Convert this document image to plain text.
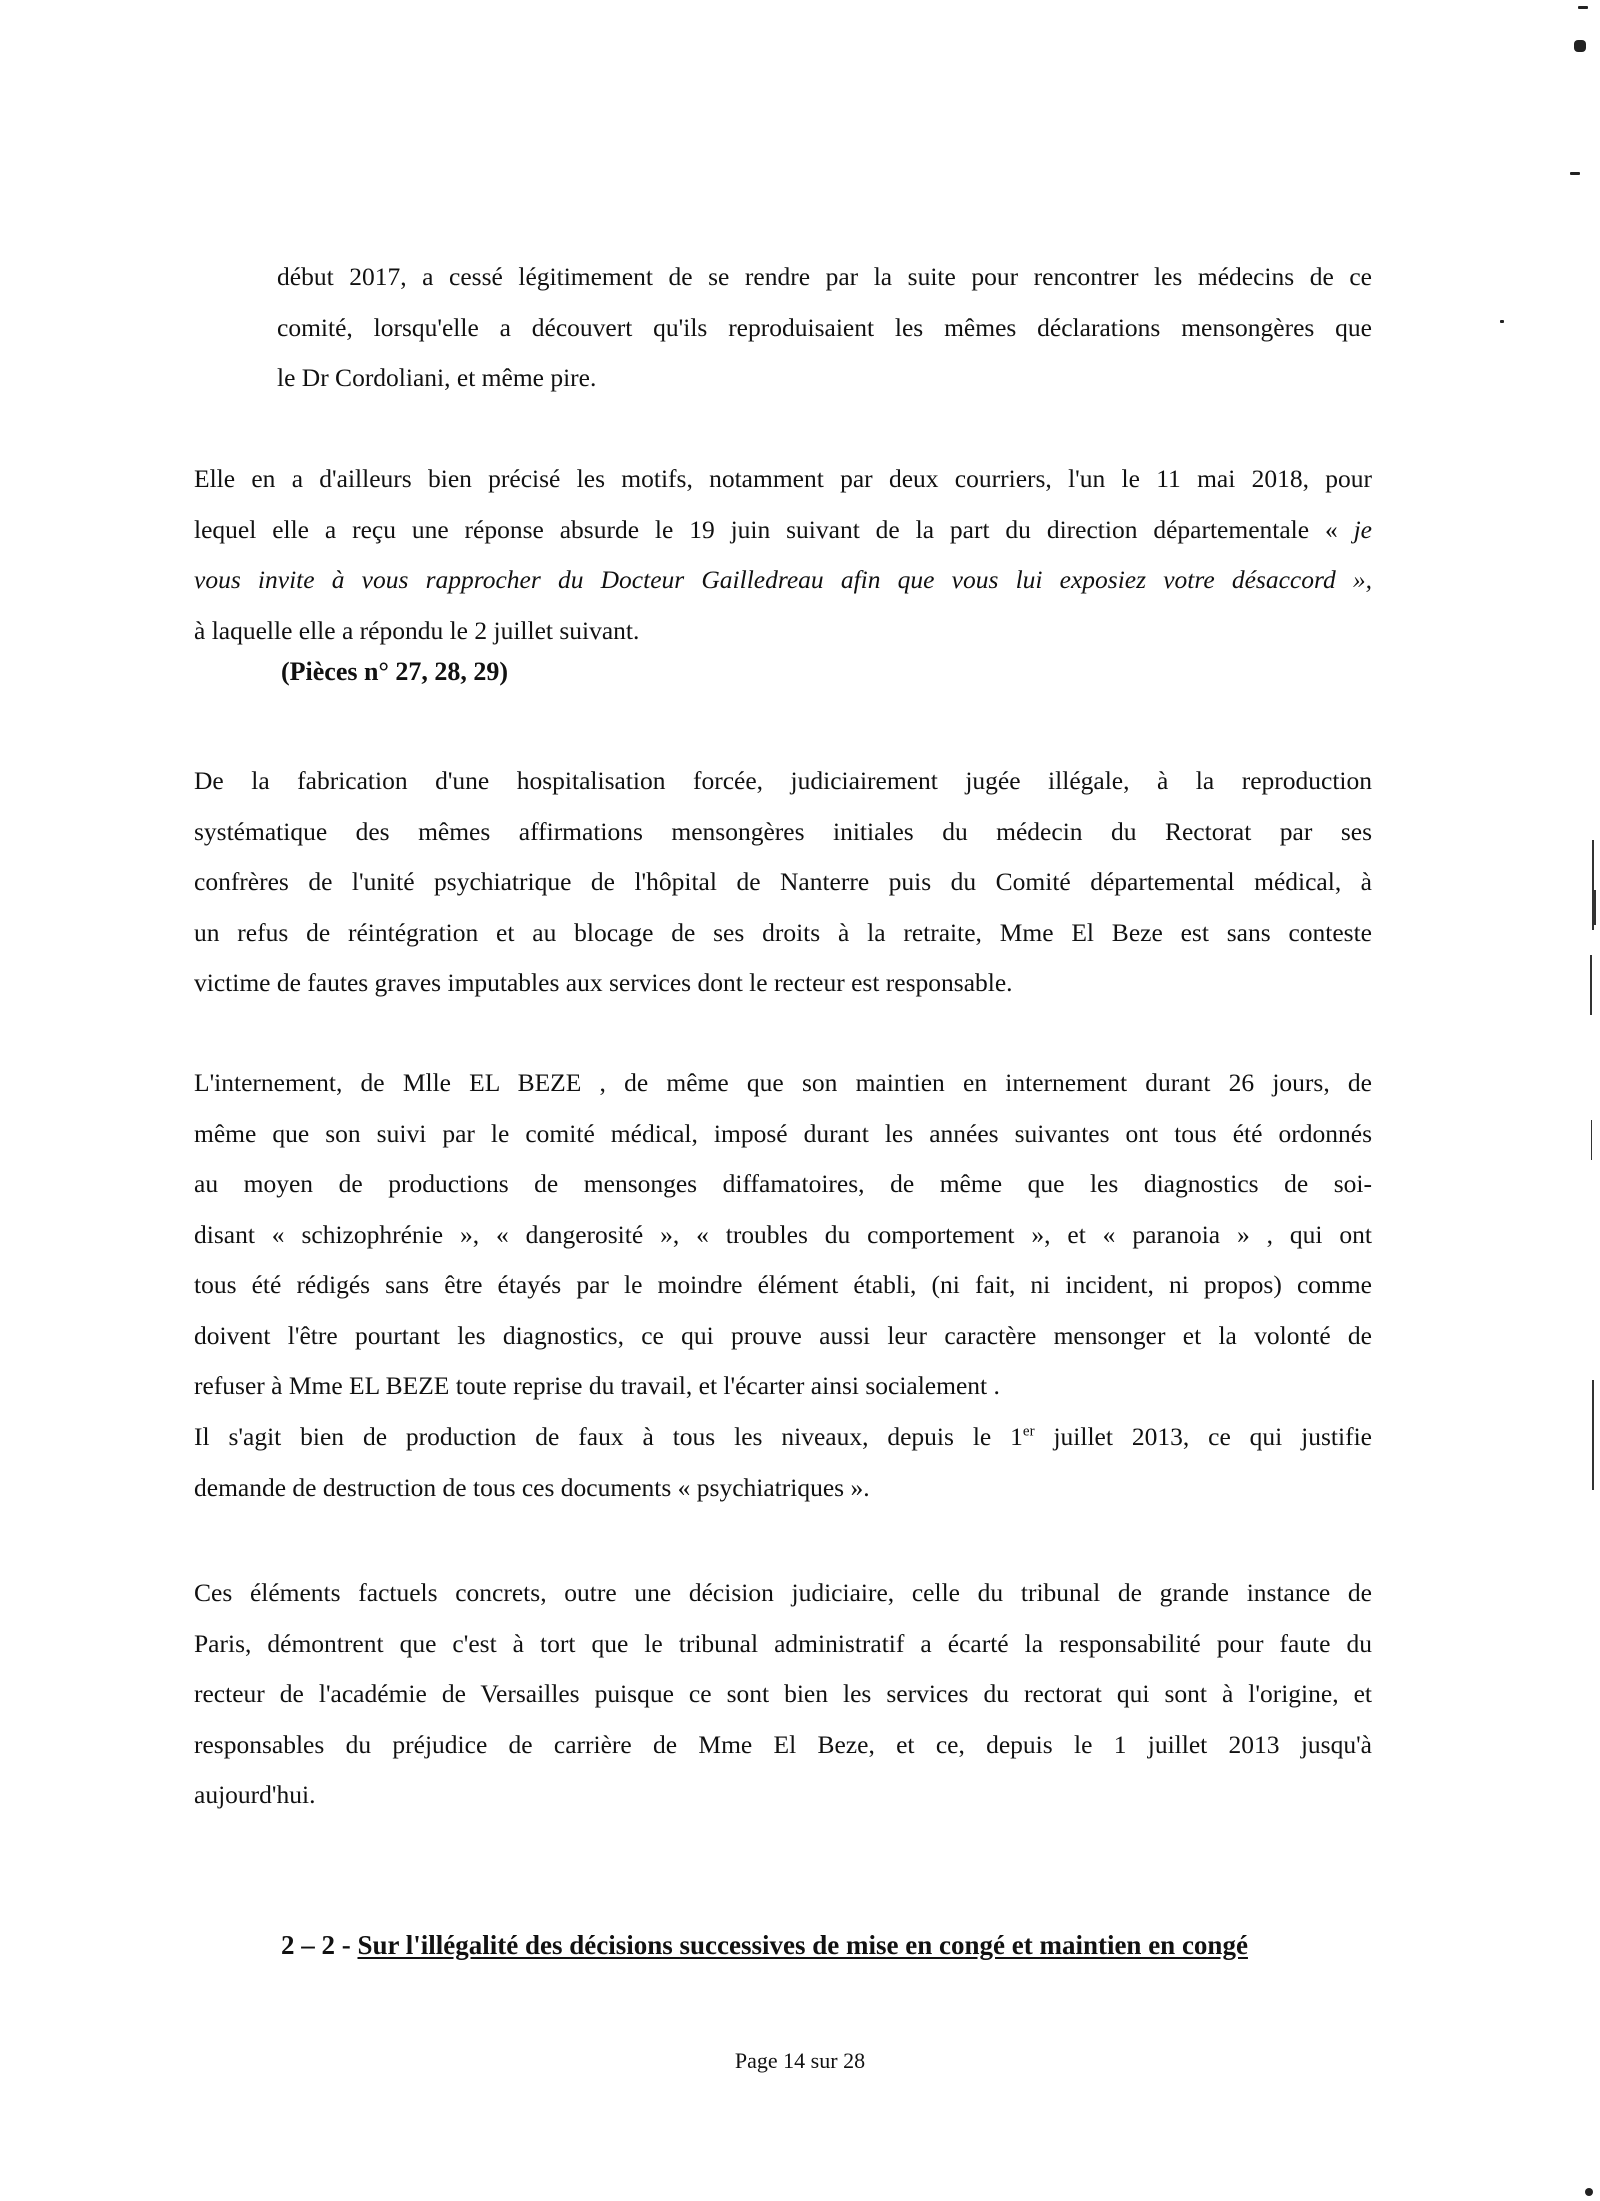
début 2017, a cessé légitimement de se rendre par la suite pour rencontrer les médecins de ce
comité, lorsqu'elle a découvert qu'ils reproduisaient les mêmes déclarations mensongères que
le Dr Cordoliani, et même pire.
Elle en a d'ailleurs bien précisé les motifs, notamment par deux courriers, l'un le 11 mai 2018, pour
lequel elle a reçu une réponse absurde le 19 juin suivant de la part du direction départementale « je
vous invite à vous rapprocher du Docteur Gailledreau afin que vous lui exposiez votre désaccord »,
à laquelle elle a répondu le 2 juillet suivant.

(Pièces n° 27, 28, 29)

De la fabrication d'une hospitalisation forcée, judiciairement jugée illégale, à la reproduction
systématique des mêmes affirmations mensongères initiales du médecin du Rectorat par ses
confrères de l'unité psychiatrique de l'hôpital de Nanterre puis du Comité départemental médical, à
un refus de réintégration et au blocage de ses droits à la retraite, Mme El Beze est sans conteste
victime de fautes graves imputables aux services dont le recteur est responsable.
L'internement, de Mlle EL BEZE , de même que son maintien en internement durant 26 jours, de
même que son suivi par le comité médical, imposé durant les années suivantes ont tous été ordonnés
au moyen de productions de mensonges diffamatoires, de même que les diagnostics de soi-
disant « schizophrénie », « dangerosité », « troubles du comportement », et « paranoia » , qui ont
tous été rédigés sans être étayés par le moindre élément établi, (ni fait, ni incident, ni propos) comme
doivent l'être pourtant les diagnostics, ce qui prouve aussi leur caractère mensonger et la volonté de
refuser à Mme EL BEZE toute reprise du travail, et l'écarter ainsi socialement .
Il s'agit bien de production de faux à tous les niveaux, depuis le 1er juillet 2013, ce qui justifie
demande de destruction de tous ces documents « psychiatriques ».
Ces éléments factuels concrets, outre une décision judiciaire, celle du tribunal de grande instance de
Paris, démontrent que c'est à tort que le tribunal administratif a écarté la responsabilité pour faute du
recteur de l'académie de Versailles puisque ce sont bien les services du rectorat qui sont à l'origine, et
responsables du préjudice de carrière de Mme El Beze, et ce, depuis le 1 juillet 2013 jusqu'à
aujourd'hui.

2 – 2 - Sur l'illégalité des décisions successives de mise en congé et maintien en congé

Page 14 sur 28
